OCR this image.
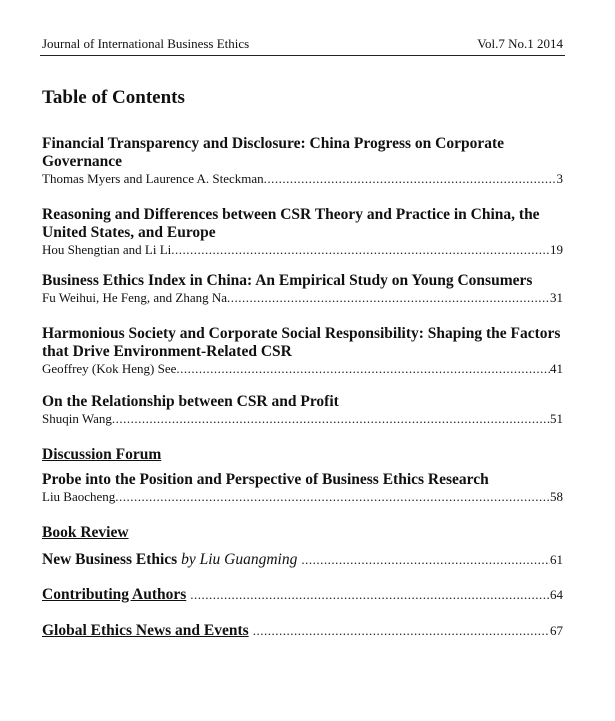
Journal of International Business Ethics	Vol.7 No.1 2014
Table of Contents
Financial Transparency and Disclosure: China Progress on Corporate Governance
Thomas Myers and Laurence A. Steckman .....	3
Reasoning and Differences between CSR Theory and Practice in China, the United States, and Europe
Hou Shengtian and Li Li .....	19
Business Ethics Index in China: An Empirical Study on Young Consumers
Fu Weihui, He Feng, and Zhang Na .....	31
Harmonious Society and Corporate Social Responsibility: Shaping the Factors that Drive Environment-Related CSR
Geoffrey (Kok Heng) See .....	41
On the Relationship between CSR and Profit
Shuqin Wang .....	51
Discussion Forum
Probe into the Position and Perspective of Business Ethics Research
Liu Baocheng .....	58
Book Review
New Business Ethics by Liu Guangming .....	61
Contributing Authors .....	64
Global Ethics News and Events .....	67
